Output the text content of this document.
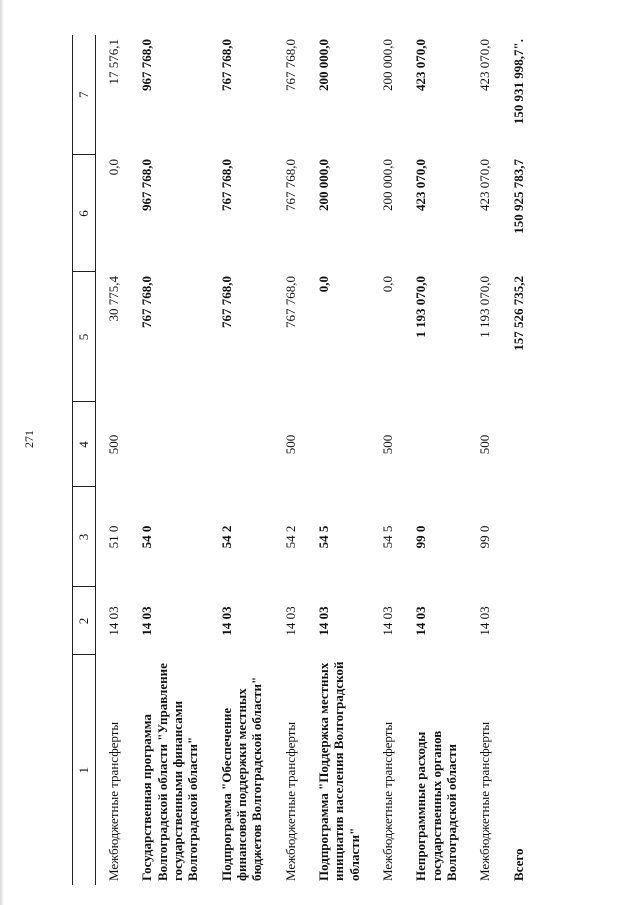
271
1	2	3	4	5	6	7
Межбюджетные трансферты	14 03	51 0	500	30 775,4	0,0	17 576,1
Государственная программа Волгоградской области "Управление государственными финансами Волгоградской области"	14 03	54 0		767 768,0	967 768,0	967 768,0
Подпрограмма "Обеспечение финансовой поддержки местных бюджетов Волгоградской области"	14 03	54 2		767 768,0	767 768,0	767 768,0
Межбюджетные трансферты	14 03	54 2	500	767 768,0	767 768,0	767 768,0
Подпрограмма "Поддержка местных инициатив населения Волгоградской области"	14 03	54 5		0,0	200 000,0	200 000,0
Межбюджетные трансферты	14 03	54 5	500	0,0	200 000,0	200 000,0
Непрограммные расходы государственных органов Волгоградской области	14 03	99 0		1 193 070,0	423 070,0	423 070,0
Межбюджетные трансферты	14 03	99 0	500	1 193 070,0	423 070,0	423 070,0
Всего				157 526 735,2	150 925 783,7	150 931 998,7".
